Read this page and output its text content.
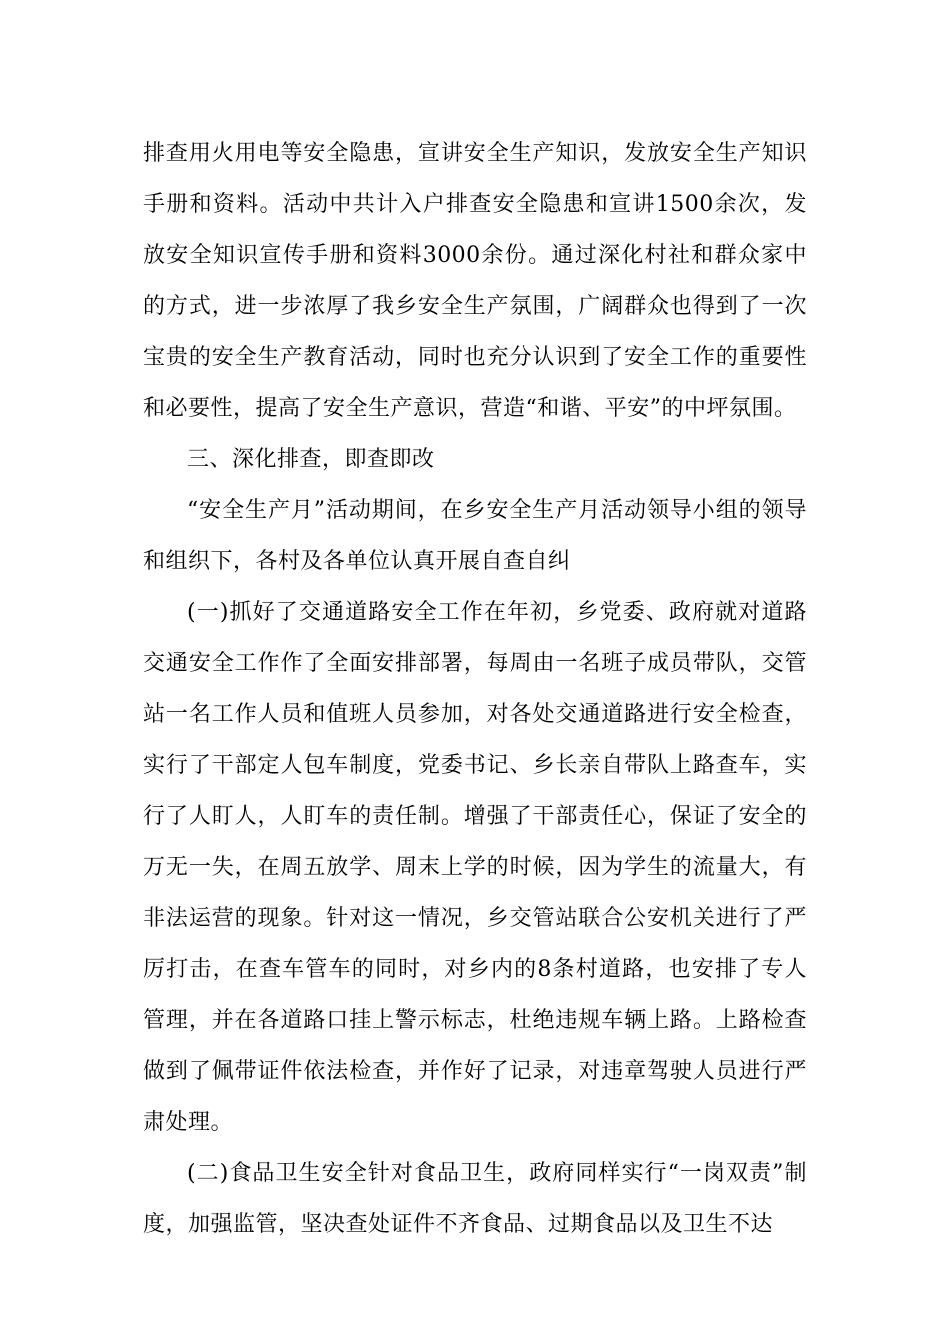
排查用火用电等安全隐患，宣讲安全生产知识，发放安全生产知识手册和资料。活动中共计入户排查安全隐患和宣讲1500余次，发放安全知识宣传手册和资料3000余份。通过深化村社和群众家中的方式，进一步浓厚了我乡安全生产氛围，广阔群众也得到了一次宝贵的安全生产教育活动，同时也充分认识到了安全工作的重要性和必要性，提高了安全生产意识，营造“和谐、平安”的中坪氛围。

三、深化排查，即查即改

“安全生产月”活动期间，在乡安全生产月活动领导小组的领导和组织下，各村及各单位认真开展自查自纠

(一)抓好了交通道路安全工作在年初，乡党委、政府就对道路交通安全工作作了全面安排部署，每周由一名班子成员带队，交管站一名工作人员和值班人员参加，对各处交通道路进行安全检查，实行了干部定人包车制度，党委书记、乡长亲自带队上路查车，实行了人盯人，人盯车的责任制。增强了干部责任心，保证了安全的万无一失，在周五放学、周末上学的时候，因为学生的流量大，有非法运营的现象。针对这一情况，乡交管站联合公安机关进行了严厉打击，在查车管车的同时，对乡内的8条村道路，也安排了专人管理，并在各道路口挂上警示标志，杜绝违规车辆上路。上路检查做到了佩带证件依法检查，并作好了记录，对违章驾驶人员进行严肃处理。

(二)食品卫生安全针对食品卫生，政府同样实行“一岗双责”制度，加强监管，坚决查处证件不齐食品、过期食品以及卫生不达
